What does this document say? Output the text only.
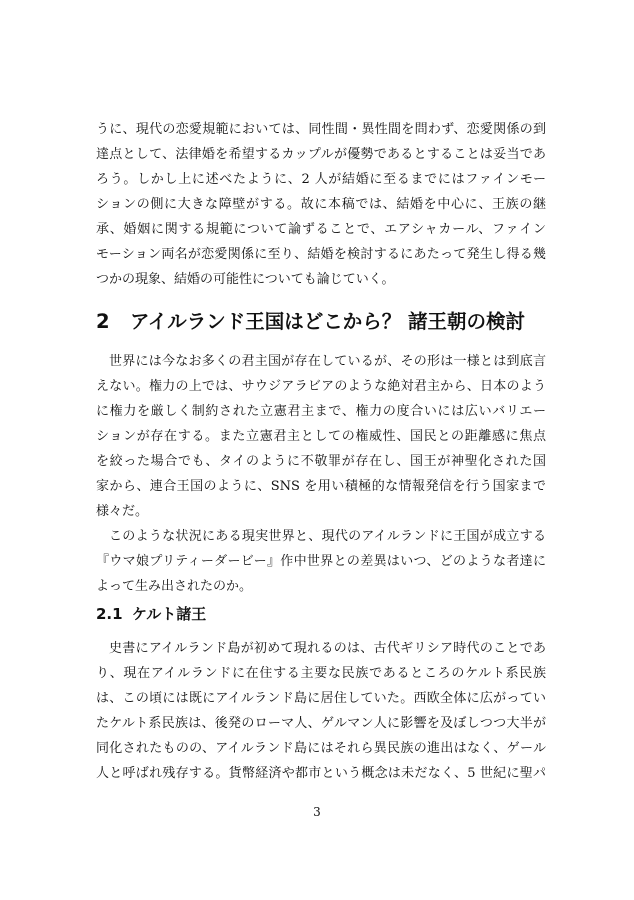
うに、現代の恋愛規範においては、同性間・異性間を問わず、恋愛関係の到
達点として、法律婚を希望するカップルが優勢であるとすることは妥当であ
ろう。しかし上に述べたように、2 人が結婚に至るまでにはファインモー
ションの側に大きな障壁がする。故に本稿では、結婚を中心に、王族の継
承、婚姻に関する規範について論ずることで、エアシャカール、ファイン
モーション両名が恋愛関係に至り、結婚を検討するにあたって発生し得る幾
つかの現象、結婚の可能性についても論じていく。
2 アイルランド王国はどこから？ 諸王朝の検討
世界には今なお多くの君主国が存在しているが、その形は一様とは到底言
えない。権力の上では、サウジアラビアのような絶対君主から、日本のよう
に権力を厳しく制約された立憲君主まで、権力の度合いには広いバリエー
ションが存在する。また立憲君主としての権威性、国民との距離感に焦点
を絞った場合でも、タイのように不敬罪が存在し、国王が神聖化された国
家から、連合王国のように、SNS を用い積極的な情報発信を行う国家まで
様々だ。
このような状況にある現実世界と、現代のアイルランドに王国が成立する
『ウマ娘プリティーダービー』作中世界との差異はいつ、どのような者達に
よって生み出されたのか。
2.1 ケルト諸王
史書にアイルランド島が初めて現れるのは、古代ギリシア時代のことであ
り、現在アイルランドに在住する主要な民族であるところのケルト系民族
は、この頃には既にアイルランド島に居住していた。西欧全体に広がってい
たケルト系民族は、後発のローマ人、ゲルマン人に影響を及ぼしつつ大半が
同化されたものの、アイルランド島にはそれら異民族の進出はなく、ゲール
人と呼ばれ残存する。貨幣経済や都市という概念は未だなく、5 世紀に聖パ
3
